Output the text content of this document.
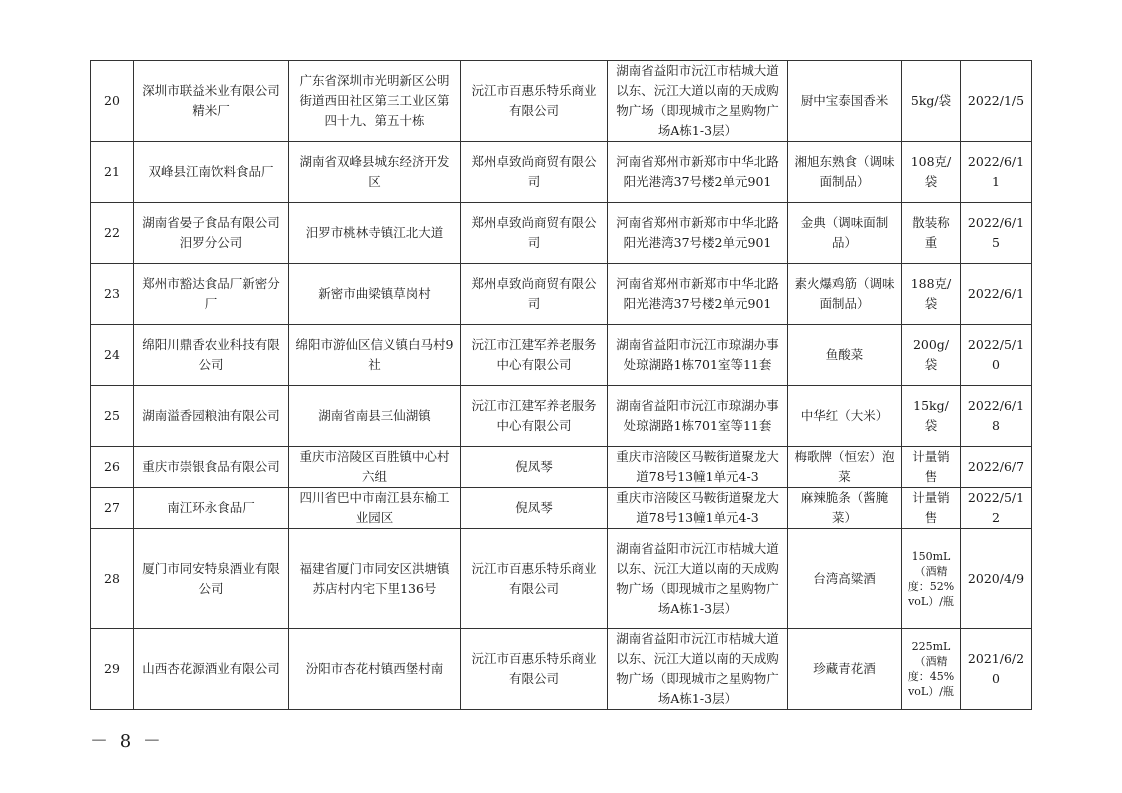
20	深圳市联益米业有限公司精米厂	广东省深圳市光明新区公明街道西田社区第三工业区第四十九、第五十栋	沅江市百惠乐特乐商业有限公司	湖南省益阳市沅江市桔城大道以东、沅江大道以南的天成购物广场（即现城市之星购物广场A栋1-3层）	厨中宝泰国香米	5kg/袋	2022/1/5
21	双峰县江南饮料食品厂	湖南省双峰县城东经济开发区	郑州卓致尚商贸有限公司	河南省郑州市新郑市中华北路阳光港湾37号楼2单元901	湘旭东熟食（调味面制品）	108克/袋	2022/6/11
22	湖南省晏子食品有限公司汨罗分公司	汨罗市桃林寺镇江北大道	郑州卓致尚商贸有限公司	河南省郑州市新郑市中华北路阳光港湾37号楼2单元901	金典（调味面制品）	散装称重	2022/6/15
23	郑州市豁达食品厂新密分厂	新密市曲梁镇草岗村	郑州卓致尚商贸有限公司	河南省郑州市新郑市中华北路阳光港湾37号楼2单元901	素火爆鸡筋（调味面制品）	188克/袋	2022/6/1
24	绵阳川鼎香农业科技有限公司	绵阳市游仙区信义镇白马村9社	沅江市江建军养老服务中心有限公司	湖南省益阳市沅江市琼湖办事处琼湖路1栋701室等11套	鱼酸菜	200g/袋	2022/5/10
25	湖南溢香园粮油有限公司	湖南省南县三仙湖镇	沅江市江建军养老服务中心有限公司	湖南省益阳市沅江市琼湖办事处琼湖路1栋701室等11套	中华红（大米）	15kg/袋	2022/6/18
26	重庆市崇银食品有限公司	重庆市涪陵区百胜镇中心村六组	倪凤琴	重庆市涪陵区马鞍街道聚龙大道78号13幢1单元4-3	梅歌牌（恒宏）泡菜	计量销售	2022/6/7
27	南江环永食品厂	四川省巴中市南江县东榆工业园区	倪凤琴	重庆市涪陵区马鞍街道聚龙大道78号13幢1单元4-3	麻辣脆条（酱腌菜）	计量销售	2022/5/12
28	厦门市同安特泉酒业有限公司	福建省厦门市同安区洪塘镇苏店村内宅下里136号	沅江市百惠乐特乐商业有限公司	湖南省益阳市沅江市桔城大道以东、沅江大道以南的天成购物广场（即现城市之星购物广场A栋1-3层）	台湾高粱酒	150mL（酒精度：52%voL）/瓶	2020/4/9
29	山西杏花源酒业有限公司	汾阳市杏花村镇西堡村南	沅江市百惠乐特乐商业有限公司	湖南省益阳市沅江市桔城大道以东、沅江大道以南的天成购物广场（即现城市之星购物广场A栋1-3层）	珍藏青花酒	225mL（酒精度：45%voL）/瓶	2021/6/20
－ 8 －
